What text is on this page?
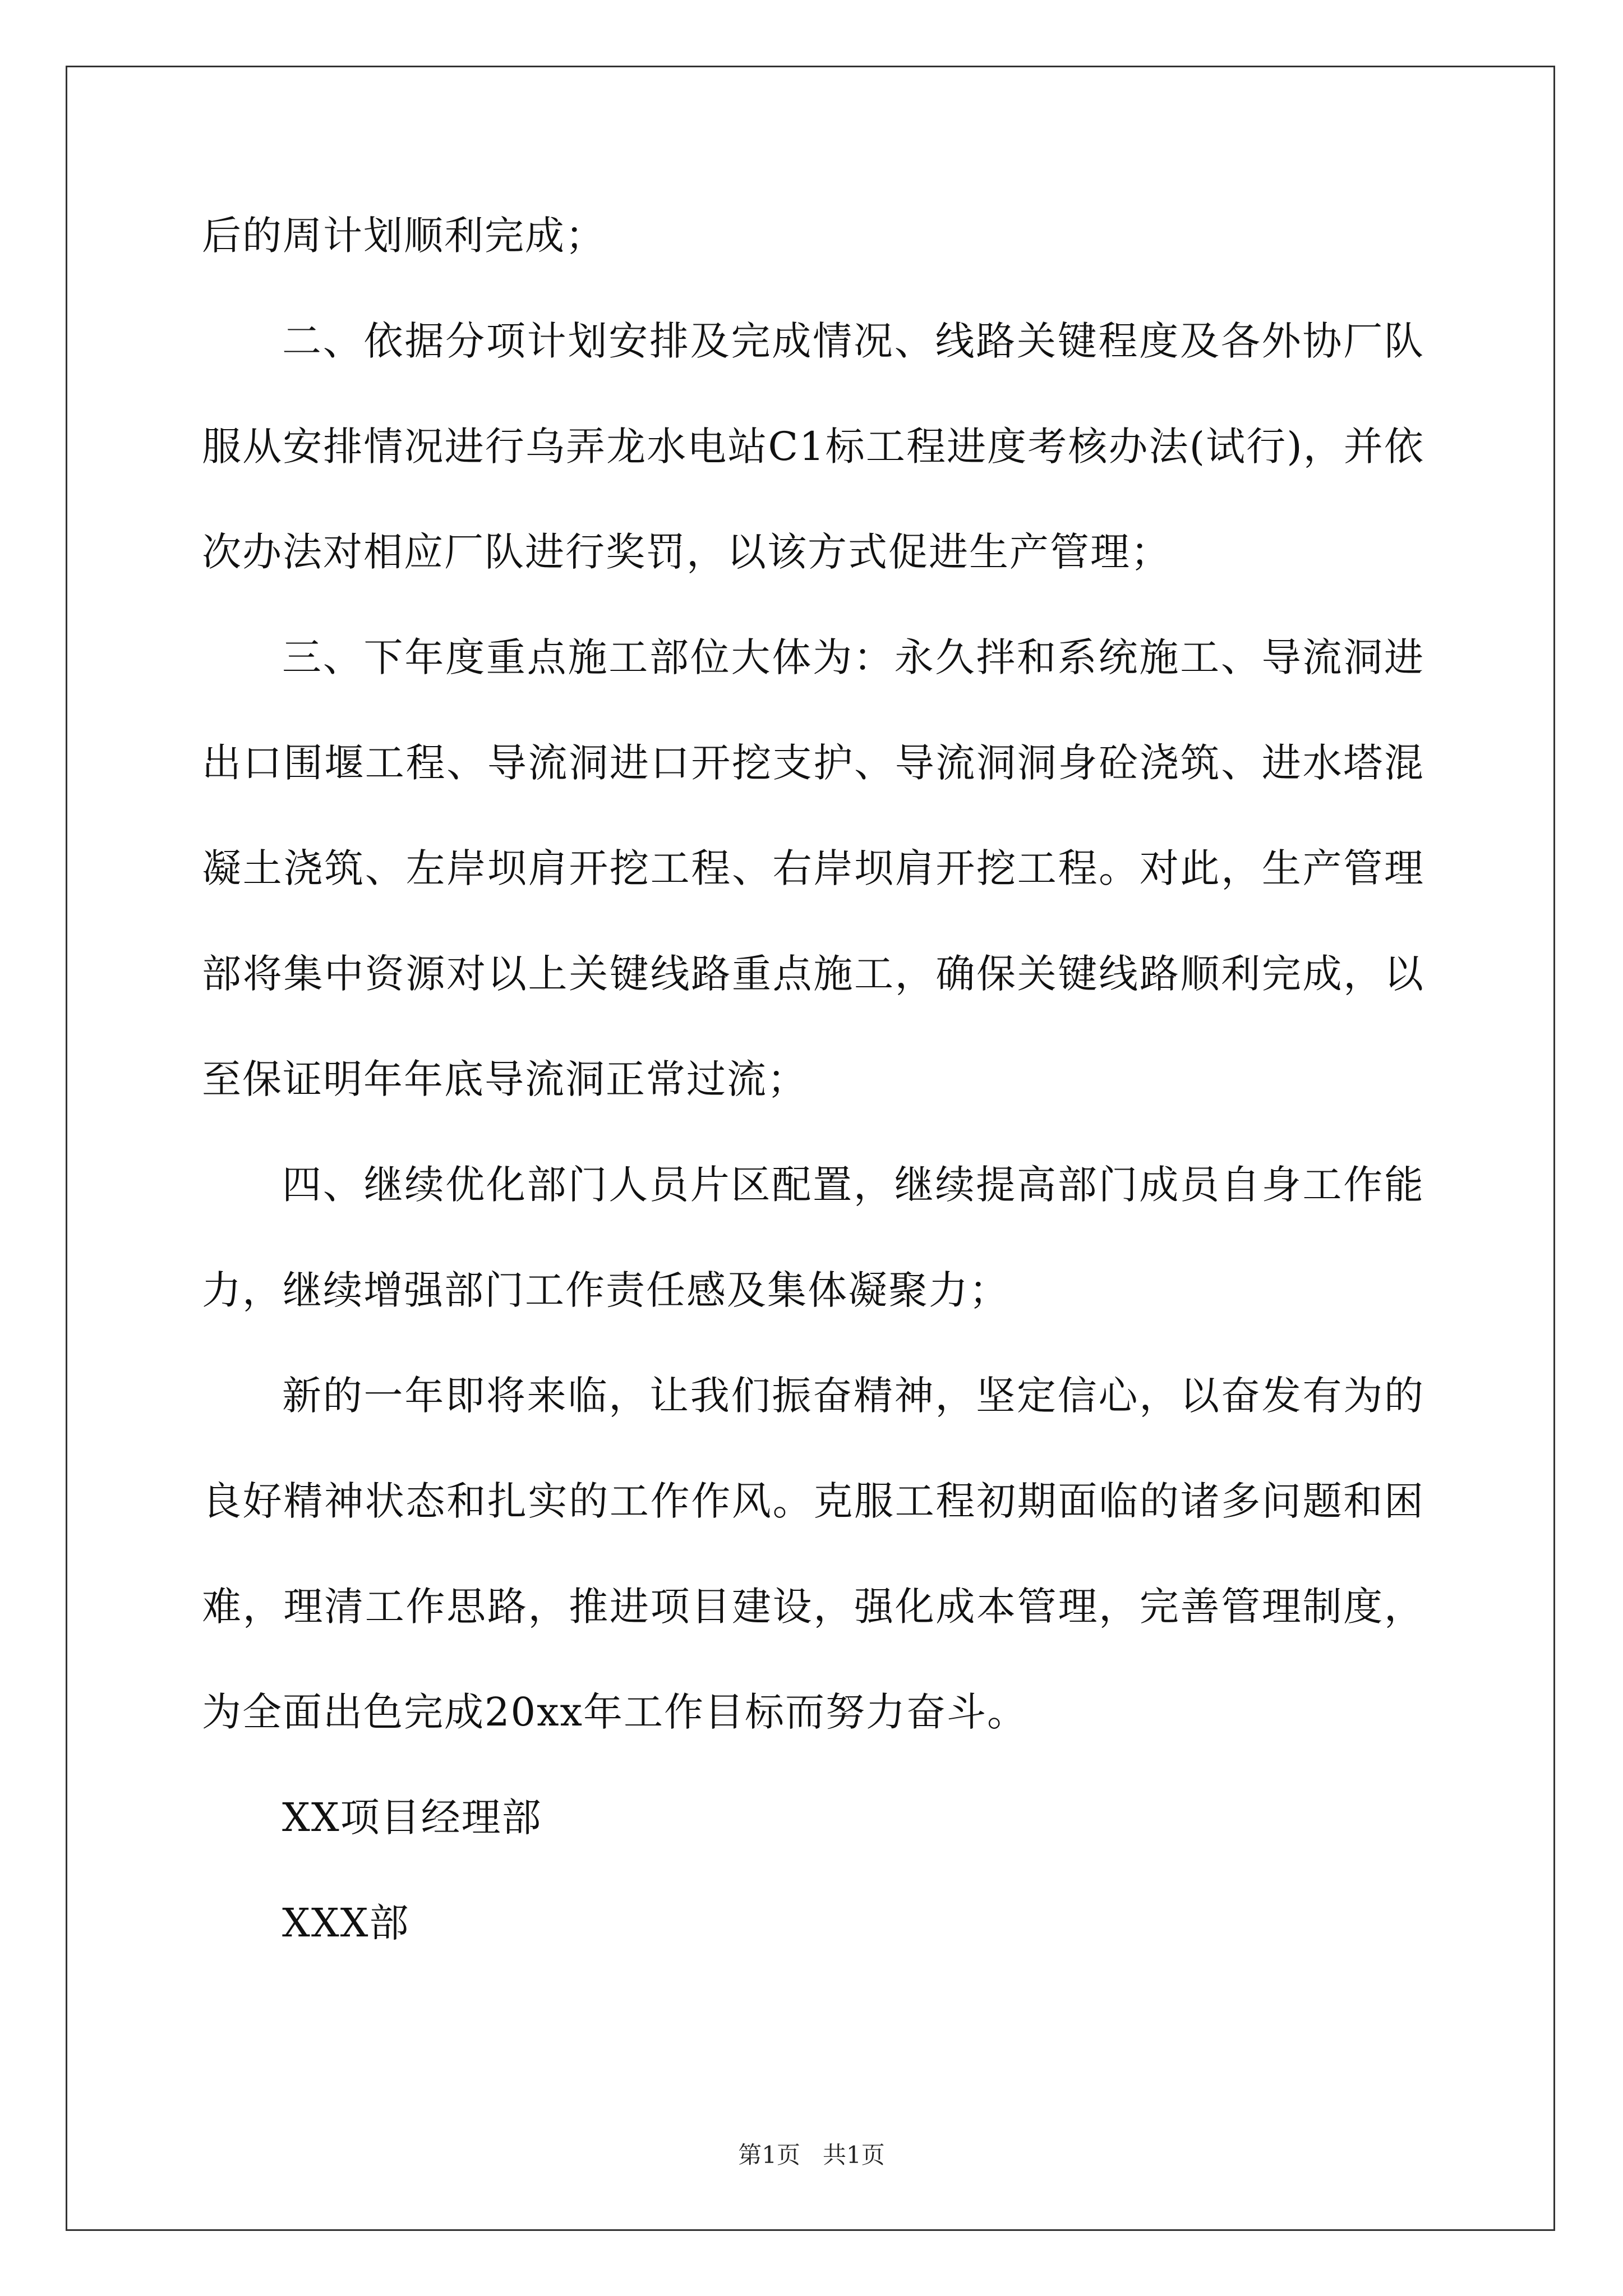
后的周计划顺利完成；
二、依据分项计划安排及完成情况、线路关键程度及各外协厂队
服从安排情况进行乌弄龙水电站C1标工程进度考核办法(试行)，并依
次办法对相应厂队进行奖罚，以该方式促进生产管理；
三、下年度重点施工部位大体为：永久拌和系统施工、导流洞进
出口围堰工程、导流洞进口开挖支护、导流洞洞身砼浇筑、进水塔混
凝土浇筑、左岸坝肩开挖工程、右岸坝肩开挖工程。对此，生产管理
部将集中资源对以上关键线路重点施工，确保关键线路顺利完成，以
至保证明年年底导流洞正常过流；
四、继续优化部门人员片区配置，继续提高部门成员自身工作能
力，继续增强部门工作责任感及集体凝聚力；
新的一年即将来临，让我们振奋精神，坚定信心，以奋发有为的
良好精神状态和扎实的工作作风。克服工程初期面临的诸多问题和困
难，理清工作思路，推进项目建设，强化成本管理，完善管理制度，
为全面出色完成20xx年工作目标而努力奋斗。
XX项目经理部
XXX部
第1页   共1页
